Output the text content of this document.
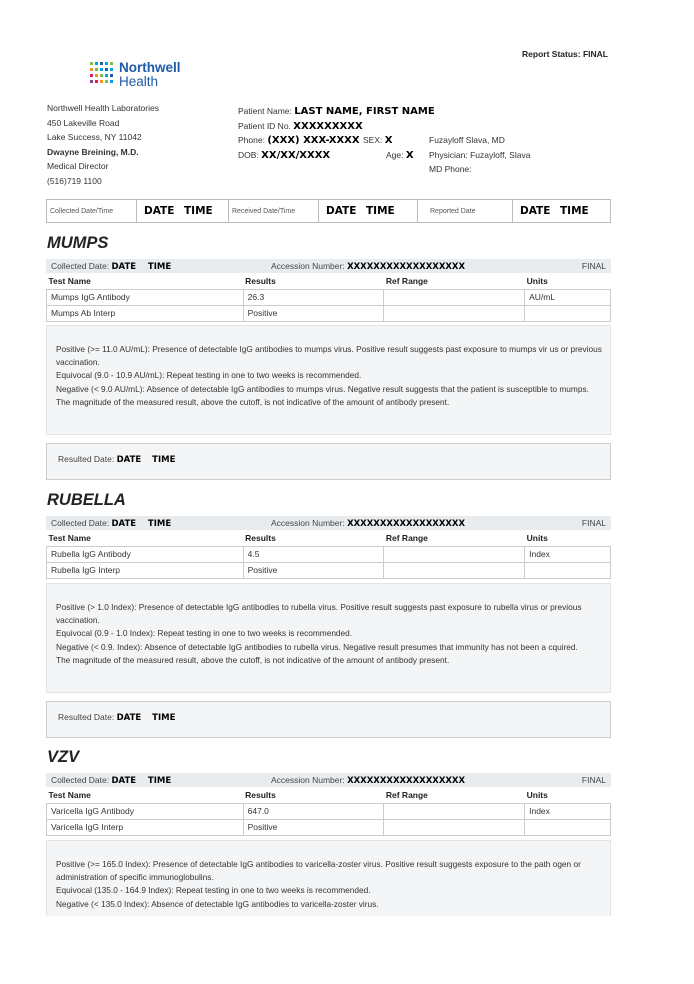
Report Status: FINAL
Northwell
Health
Northwell Health Laboratories
450 Lakeville Road
Lake Success, NY 11042
Dwayne Breining, M.D.
Medical Director
(516)719 1100
Patient Name: LAST NAME, FIRST NAME
Patient ID No. XXXXXXXXX
Phone: (XXX) XXX-XXXX SEX: X
DOB: XX/XX/XXXX	Age: X
Fuzayloff Slava, MD
Physician: Fuzayloff, Slava
MD Phone:
Collected Date/Time	DATE TIME	Received Date/Time	DATE TIME	Reported Date	DATE TIME
MUMPS
Collected Date: DATE    TIME	Accession Number: XXXXXXXXXXXXXXXXXX	FINAL
Test Name	Results	Ref Range	Units
Mumps IgG Antibody	26.3		AU/mL
Mumps Ab Interp	Positive		

Positive (>= 11.0 AU/mL): Presence of detectable IgG antibodies to mumps virus. Positive result suggests past exposure to mumps vir us or previous vaccination.

Equivocal (9.0 - 10.9 AU/mL): Repeat testing in one to two weeks is recommended.

Negative (< 9.0 AU/mL): Absence of detectable IgG antibodies to mumps virus. Negative result suggests that the patient is susceptible to mumps.

The magnitude of the measured result, above the cutoff, is not indicative of the amount of antibody present.

Resulted Date: DATE TIME
RUBELLA
Collected Date: DATE    TIME	Accession Number: XXXXXXXXXXXXXXXXXX	FINAL
Test Name	Results	Ref Range	Units
Rubella IgG Antibody	4.5		Index
Rubella IgG Interp	Positive		

Positive (> 1.0 Index): Presence of detectable IgG antibodies to rubella virus. Positive result suggests past exposure to rubella virus or previous vaccination.

Equivocal (0.9 - 1.0 Index): Repeat testing in one to two weeks is recommended.

Negative (< 0.9. Index): Absence of detectable IgG antibodies to rubella virus. Negative result presumes that immunity has not been a cquired.

The magnitude of the measured result, above the cutoff, is not indicative of the amount of antibody present.

Resulted Date: DATE TIME
VZV
Collected Date: DATE    TIME	Accession Number: XXXXXXXXXXXXXXXXXX	FINAL
Test Name	Results	Ref Range	Units
Varicella IgG Antibody	647.0		Index
Varicella IgG Interp	Positive		

Positive (>= 165.0 Index): Presence of detectable IgG antibodies to varicella-zoster virus. Positive result suggests exposure to the path ogen or administration of specific immunoglobulins.

Equivocal (135.0 - 164.9 Index): Repeat testing in one to two weeks is recommended.

Negative (< 135.0 Index): Absence of detectable IgG antibodies to varicella-zoster virus.
